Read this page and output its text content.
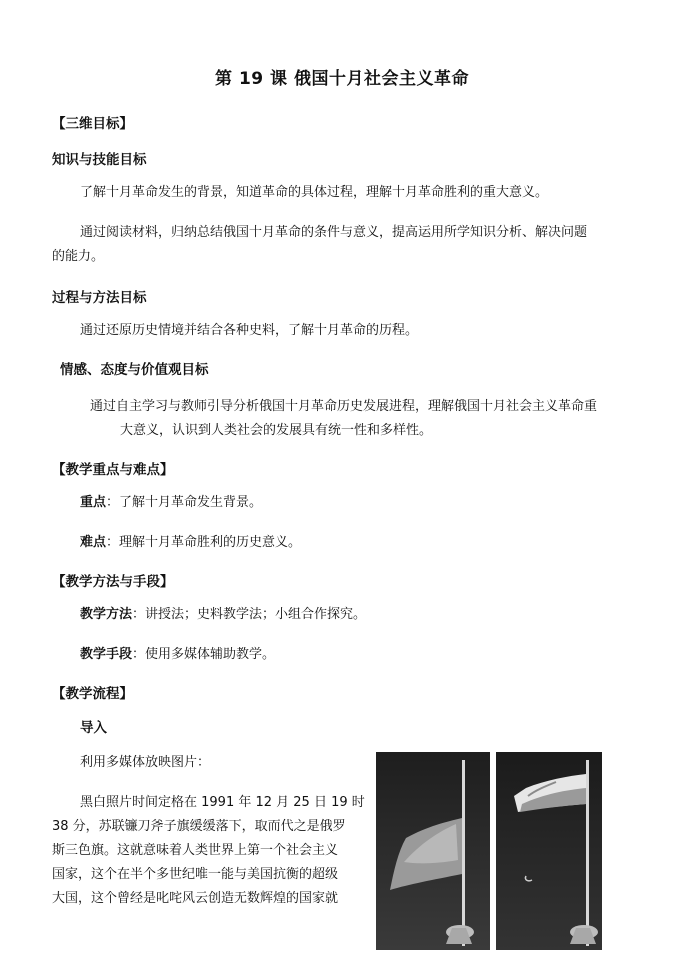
第 19 课 俄国十月社会主义革命
【三维目标】
知识与技能目标
了解十月革命发生的背景，知道革命的具体过程，理解十月革命胜利的重大意义。
通过阅读材料，归纳总结俄国十月革命的条件与意义，提高运用所学知识分析、解决问题
的能力。
过程与方法目标
通过还原历史情境并结合各种史料，了解十月革命的历程。
情感、态度与价值观目标
通过自主学习与教师引导分析俄国十月革命历史发展进程，理解俄国十月社会主义革命重
大意义，认识到人类社会的发展具有统一性和多样性。
【教学重点与难点】
重点：了解十月革命发生背景。
难点：理解十月革命胜利的历史意义。
【教学方法与手段】
教学方法：讲授法；史料教学法；小组合作探究。
教学手段：使用多媒体辅助教学。
【教学流程】
导入
利用多媒体放映图片：
黑白照片时间定格在 1991 年 12 月 25 日 19 时
38 分，苏联镰刀斧子旗缓缓落下，取而代之是俄罗
斯三色旗。这就意味着人类世界上第一个社会主义
国家，这个在半个多世纪唯一能与美国抗衡的超级
大国，这个曾经是叱咤风云创造无数辉煌的国家就
